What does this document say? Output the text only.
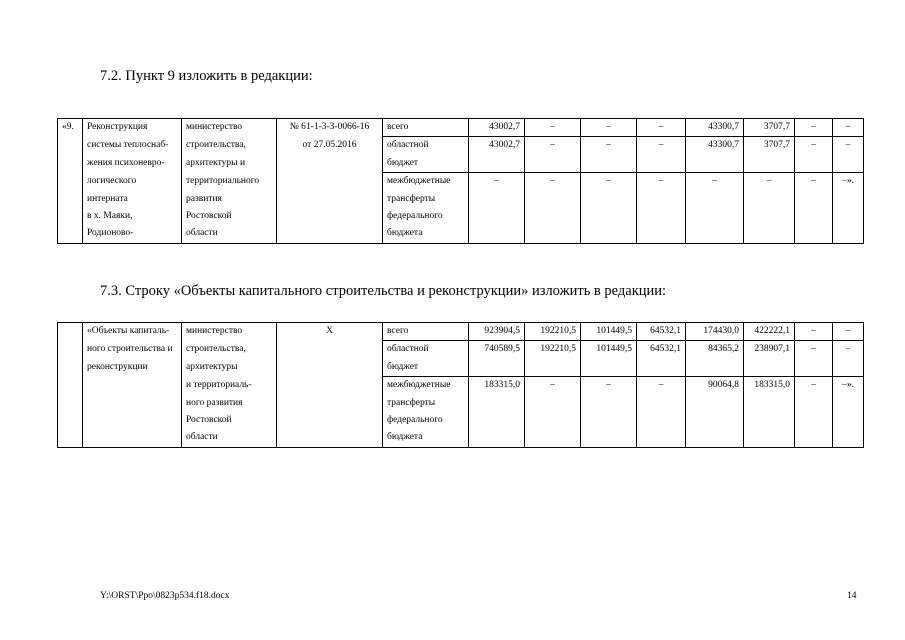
7.2. Пункт 9 изложить в редакции:
«9.	Реконструкция	министерство	№ 61-1-3-3-0066-16	всего	43002,7	–	–	–	43300,7	3707,7	–	–
	системы теплоснаб-	строительства,	от 27.05.2016	областной	43002,7	–	–	–	43300,7	3707,7	–	–
	жения психоневро-	архитектуры и		бюджет								
	логического	территориального		межбюджетные	–	–	–	–	–	–	–	–».
	интерната	развития		трансферты								
	в х. Маяки,	Ростовской		федерального								
	Родионово-	области		бюджета								
7.3. Строку «Объекты капитального строительства и реконструкции» изложить в редакции:
	«Объекты капиталь-	министерство	Х	всего	923904,5	192210,5	101449,5	64532,1	174430,0	422222,1	–	–
	ного строительства и	строительства,		областной	740589,5	192210,5	101449,5	64532,1	84365,2	238907,1	–	–
	реконструкции	архитектуры		бюджет								
		и территориаль-		межбюджетные	183315,0	–	–	–	90064,8	183315,0	–	–».
		ного развития		трансферты								
		Ростовской		федерального								
		области		бюджета								
Y:\ORST\Ppo\0823p534.f18.docx	14
